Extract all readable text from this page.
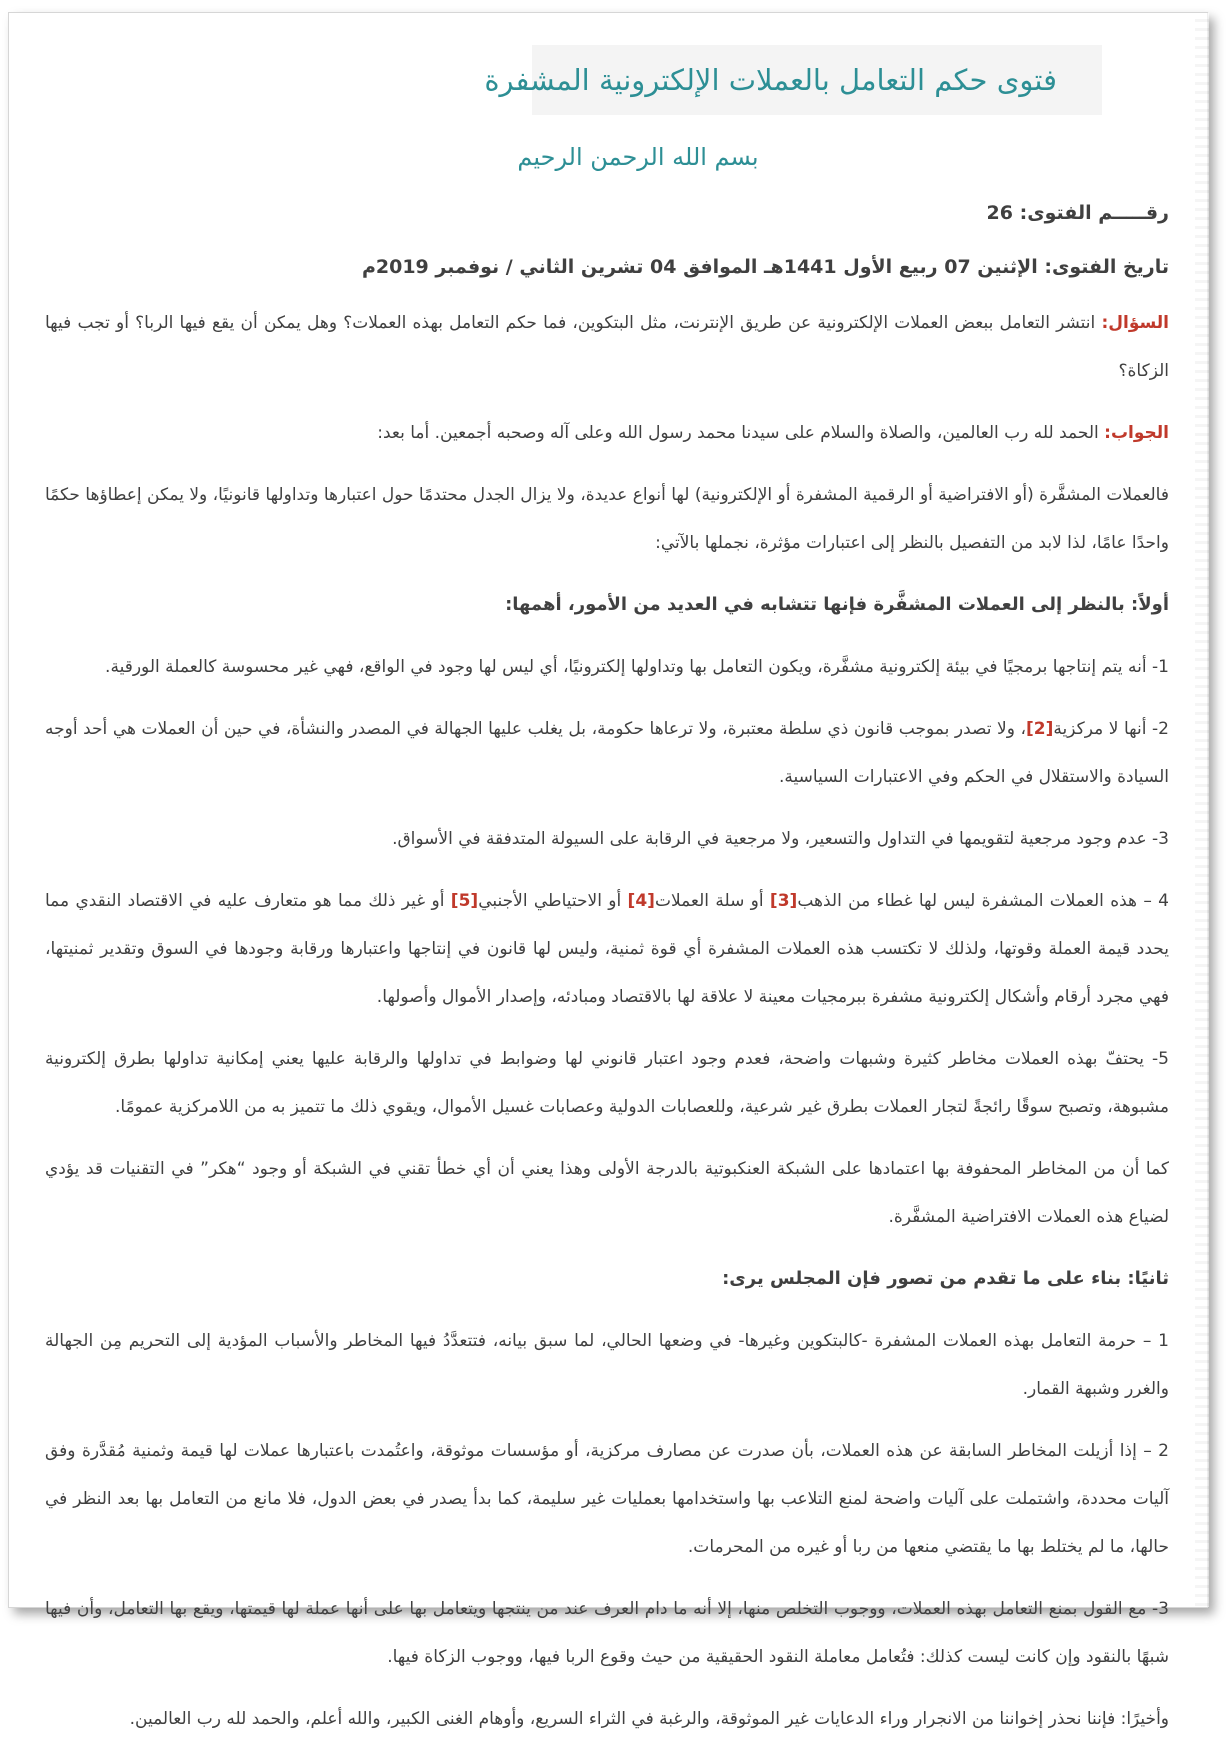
فتوى حكم التعامل بالعملات الإلكترونية المشفرة
بسم الله الرحمن الرحيم

رقـــــم الفتوى: 26

تاريخ الفتوى: الإثنين 07 ربيع الأول 1441هـ الموافق 04 تشرين الثاني / نوفمبر 2019م

السؤال: انتشر التعامل ببعض العملات الإلكترونية عن طريق الإنترنت، مثل البتكوين، فما حكم التعامل بهذه العملات؟ وهل يمكن أن يقع فيها الربا؟ أو تجب فيها الزكاة؟

الجواب: الحمد لله رب العالمين، والصلاة والسلام على سيدنا محمد رسول الله وعلى آله وصحبه أجمعين. أما بعد:

فالعملات المشفَّرة (أو الافتراضية أو الرقمية المشفرة أو الإلكترونية) لها أنواع عديدة، ولا يزال الجدل محتدمًا حول اعتبارها وتداولها قانونيًا، ولا يمكن إعطاؤها حكمًا واحدًا عامًا، لذا لابد من التفصيل بالنظر إلى اعتبارات مؤثرة، نجملها بالآتي:

أولاً: بالنظر إلى العملات المشفَّرة فإنها تتشابه في العديد من الأمور، أهمها:

1- أنه يتم إنتاجها برمجيًا في بيئة إلكترونية مشفَّرة، ويكون التعامل بها وتداولها إلكترونيًا، أي ليس لها وجود في الواقع، فهي غير محسوسة كالعملة الورقية.

2- أنها لا مركزية[2]، ولا تصدر بموجب قانون ذي سلطة معتبرة، ولا ترعاها حكومة، بل يغلب عليها الجهالة في المصدر والنشأة، في حين أن العملات هي أحد أوجه السيادة والاستقلال في الحكم وفي الاعتبارات السياسية.

3- عدم وجود مرجعية لتقويمها في التداول والتسعير، ولا مرجعية في الرقابة على السيولة المتدفقة في الأسواق.

4 – هذه العملات المشفرة ليس لها غطاء من الذهب[3] أو سلة العملات[4] أو الاحتياطي الأجنبي[5] أو غير ذلك مما هو متعارف عليه في الاقتصاد النقدي مما يحدد قيمة العملة وقوتها، ولذلك لا تكتسب هذه العملات المشفرة أي قوة ثمنية، وليس لها قانون في إنتاجها واعتبارها ورقابة وجودها في السوق وتقدير ثمنيتها، فهي مجرد أرقام وأشكال إلكترونية مشفرة ببرمجيات معينة لا علاقة لها بالاقتصاد ومبادئه، وإصدار الأموال وأصولها.

5- يحتفّ بهذه العملات مخاطر كثيرة وشبهات واضحة، فعدم وجود اعتبار قانوني لها وضوابط في تداولها والرقابة عليها يعني إمكانية تداولها بطرق إلكترونية مشبوهة، وتصبح سوقًا رائجةً لتجار العملات بطرق غير شرعية، وللعصابات الدولية وعصابات غسيل الأموال، ويقوي ذلك ما تتميز به من اللامركزية عمومًا.

كما أن من المخاطر المحفوفة بها اعتمادها على الشبكة العنكبوتية بالدرجة الأولى وهذا يعني أن أي خطأ تقني في الشبكة أو وجود “هكر” في التقنيات قد يؤدي لضياع هذه العملات الافتراضية المشفَّرة.

ثانيًا: بناء على ما تقدم من تصور فإن المجلس يرى:

1 – حرمة التعامل بهذه العملات المشفرة -كالبتكوين وغيرها- في وضعها الحالي، لما سبق بيانه، فتتعدَّدُ فيها المخاطر والأسباب المؤدية إلى التحريم مِن الجهالة والغرر وشبهة القمار.

2 – إذا أزيلت المخاطر السابقة عن هذه العملات، بأن صدرت عن مصارف مركزية، أو مؤسسات موثوقة، واعتُمدت باعتبارها عملات لها قيمة وثمنية مُقدَّرة وفق آليات محددة، واشتملت على آليات واضحة لمنع التلاعب بها واستخدامها بعمليات غير سليمة، كما بدأ يصدر في بعض الدول، فلا مانع من التعامل بها بعد النظر في حالها، ما لم يختلط بها ما يقتضي منعها من ربا أو غيره من المحرمات.

3- مع القول بمنع التعامل بهذه العملات، ووجوب التخلص منها، إلا أنه ما دام العرف عند من ينتجها ويتعامل بها على أنها عملة لها قيمتها، ويقع بها التعامل، وأن فيها شبهًا بالنقود وإن كانت ليست كذلك: فتُعامل معاملة النقود الحقيقية من حيث وقوع الربا فيها، ووجوب الزكاة فيها.

وأخيرًا: فإننا نحذر إخواننا من الانجرار وراء الدعايات غير الموثوقة، والرغبة في الثراء السريع، وأوهام الغنى الكبير، والله أعلم، والحمد لله رب العالمين.
